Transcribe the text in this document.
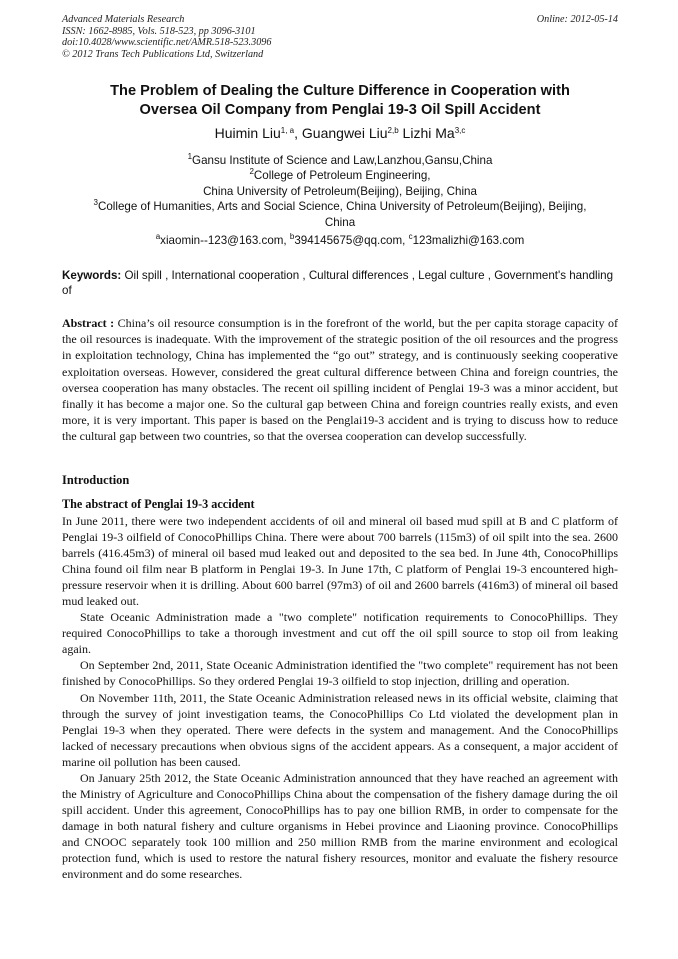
Advanced Materials Research
ISSN: 1662-8985, Vols. 518-523, pp 3096-3101
doi:10.4028/www.scientific.net/AMR.518-523.3096
© 2012 Trans Tech Publications Ltd, Switzerland
Online: 2012-05-14
The Problem of Dealing the Culture Difference in Cooperation with
Oversea Oil Company from Penglai 19-3 Oil Spill Accident
Huimin Liu$^{1, a}$, Guangwei Liu$^{2,b}$ Lizhi Ma$^{3,c}$
$^1$Gansu Institute of Science and Law,Lanzhou,Gansu,China
$^2$College of Petroleum Engineering,
China University of Petroleum(Beijing), Beijing, China
$^3$College of Humanities, Arts and Social Science, China University of Petroleum(Beijing), Beijing,
China
$^a$xiaomin--123@163.com, $^b$394145675@qq.com, $^c$123malizhi@163.com
Keywords: Oil spill , International cooperation , Cultural differences , Legal culture , Government's handling of
Abstract : China’s oil resource consumption is in the forefront of the world, but the per capita storage capacity of the oil resources is inadequate. With the improvement of the strategic position of the oil resources and the progress in exploitation technology, China has implemented the “go out” strategy, and is continuously seeking cooperative exploitation overseas. However, considered the great cultural difference between China and foreign countries, the oversea cooperation has many obstacles. The recent oil spilling incident of Penglai 19-3 was a minor accident, but finally it has become a major one. So the cultural gap between China and foreign countries really exists, and even more, it is very important. This paper is based on the Penglai19-3 accident and is trying to discuss how to reduce the cultural gap between two countries, so that the oversea cooperation can develop successfully.
Introduction
The abstract of Penglai 19-3 accident

In June 2011, there were two independent accidents of oil and mineral oil based mud spill at B and C platform of Penglai 19-3 oilfield of ConocoPhillips China. There were about 700 barrels (115m3) of oil spilt into the sea. 2600 barrels (416.45m3) of mineral oil based mud leaked out and deposited to the sea bed. In June 4th, ConocoPhillips China found oil film near B platform in Penglai 19-3. In June 17th, C platform of Penglai 19-3 encountered high-pressure reservoir when it is drilling. About 600 barrel (97m3) of oil and 2600 barrels (416m3) of mineral oil based mud leaked out.

State Oceanic Administration made a "two complete" notification requirements to ConocoPhillips. They required ConocoPhillips to take a thorough investment and cut off the oil spill source to stop oil from leaking again.

On September 2nd, 2011, State Oceanic Administration identified the "two complete" requirement has not been finished by ConocoPhillips. So they ordered Penglai 19-3 oilfield to stop injection, drilling and operation.

On November 11th, 2011, the State Oceanic Administration released news in its official website, claiming that through the survey of joint investigation teams, the ConocoPhillips Co Ltd violated the development plan in Penglai 19-3 when they operated. There were defects in the system and management. And the ConocoPhillips lacked of necessary precautions when obvious signs of the accident appears. As a consequent, a major accident of marine oil pollution has been caused.

On January 25th 2012, the State Oceanic Administration announced that they have reached an agreement with the Ministry of Agriculture and ConocoPhillips China about the compensation of the fishery damage during the oil spill accident. Under this agreement, ConocoPhillips has to pay one billion RMB, in order to compensate for the damage in both natural fishery and culture organisms in Hebei province and Liaoning province. ConocoPhillips and CNOOC separately took 100 million and 250 million RMB from the marine environment and ecological protection fund, which is used to restore the natural fishery resources, monitor and evaluate the fishery resource environment and do some researches.
